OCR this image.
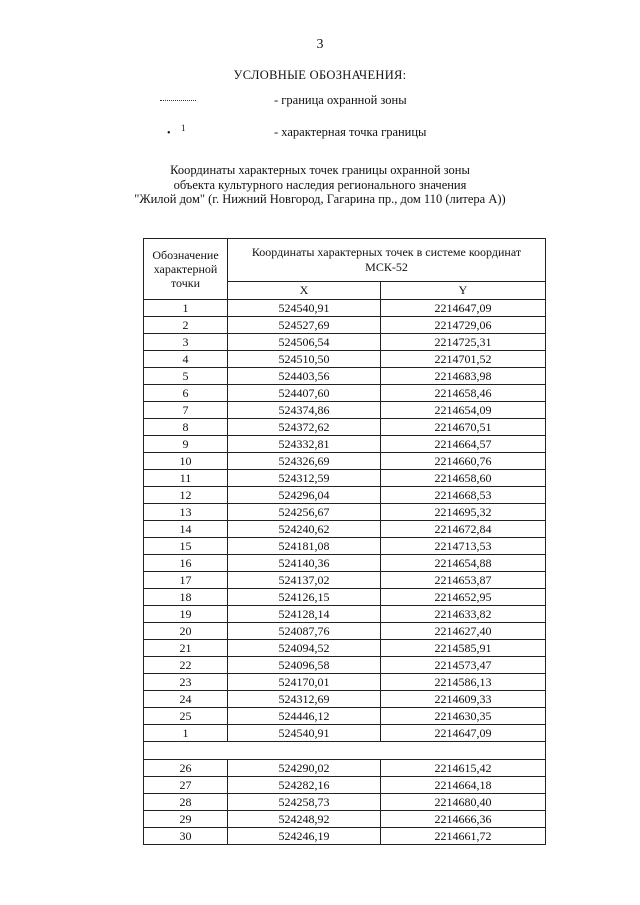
3
УСЛОВНЫЕ ОБОЗНАЧЕНИЯ:
- граница охранной зоны
• 1	- характерная точка границы
Координаты характерных точек границы охранной зоны
объекта культурного наследия регионального значения
"Жилой дом" (г. Нижний Новгород, Гагарина пр., дом 110 (литера А))
Обозначение характерной точки	Координаты характерных точек в системе координат МСК-52	
	X	Y
1	524540,91	2214647,09
2	524527,69	2214729,06
3	524506,54	2214725,31
4	524510,50	2214701,52
5	524403,56	2214683,98
6	524407,60	2214658,46
7	524374,86	2214654,09
8	524372,62	2214670,51
9	524332,81	2214664,57
10	524326,69	2214660,76
11	524312,59	2214658,60
12	524296,04	2214668,53
13	524256,67	2214695,32
14	524240,62	2214672,84
15	524181,08	2214713,53
16	524140,36	2214654,88
17	524137,02	2214653,87
18	524126,15	2214652,95
19	524128,14	2214633,82
20	524087,76	2214627,40
21	524094,52	2214585,91
22	524096,58	2214573,47
23	524170,01	2214586,13
24	524312,69	2214609,33
25	524446,12	2214630,35
1	524540,91	2214647,09

26	524290,02	2214615,42
27	524282,16	2214664,18
28	524258,73	2214680,40
29	524248,92	2214666,36
30	524246,19	2214661,72
